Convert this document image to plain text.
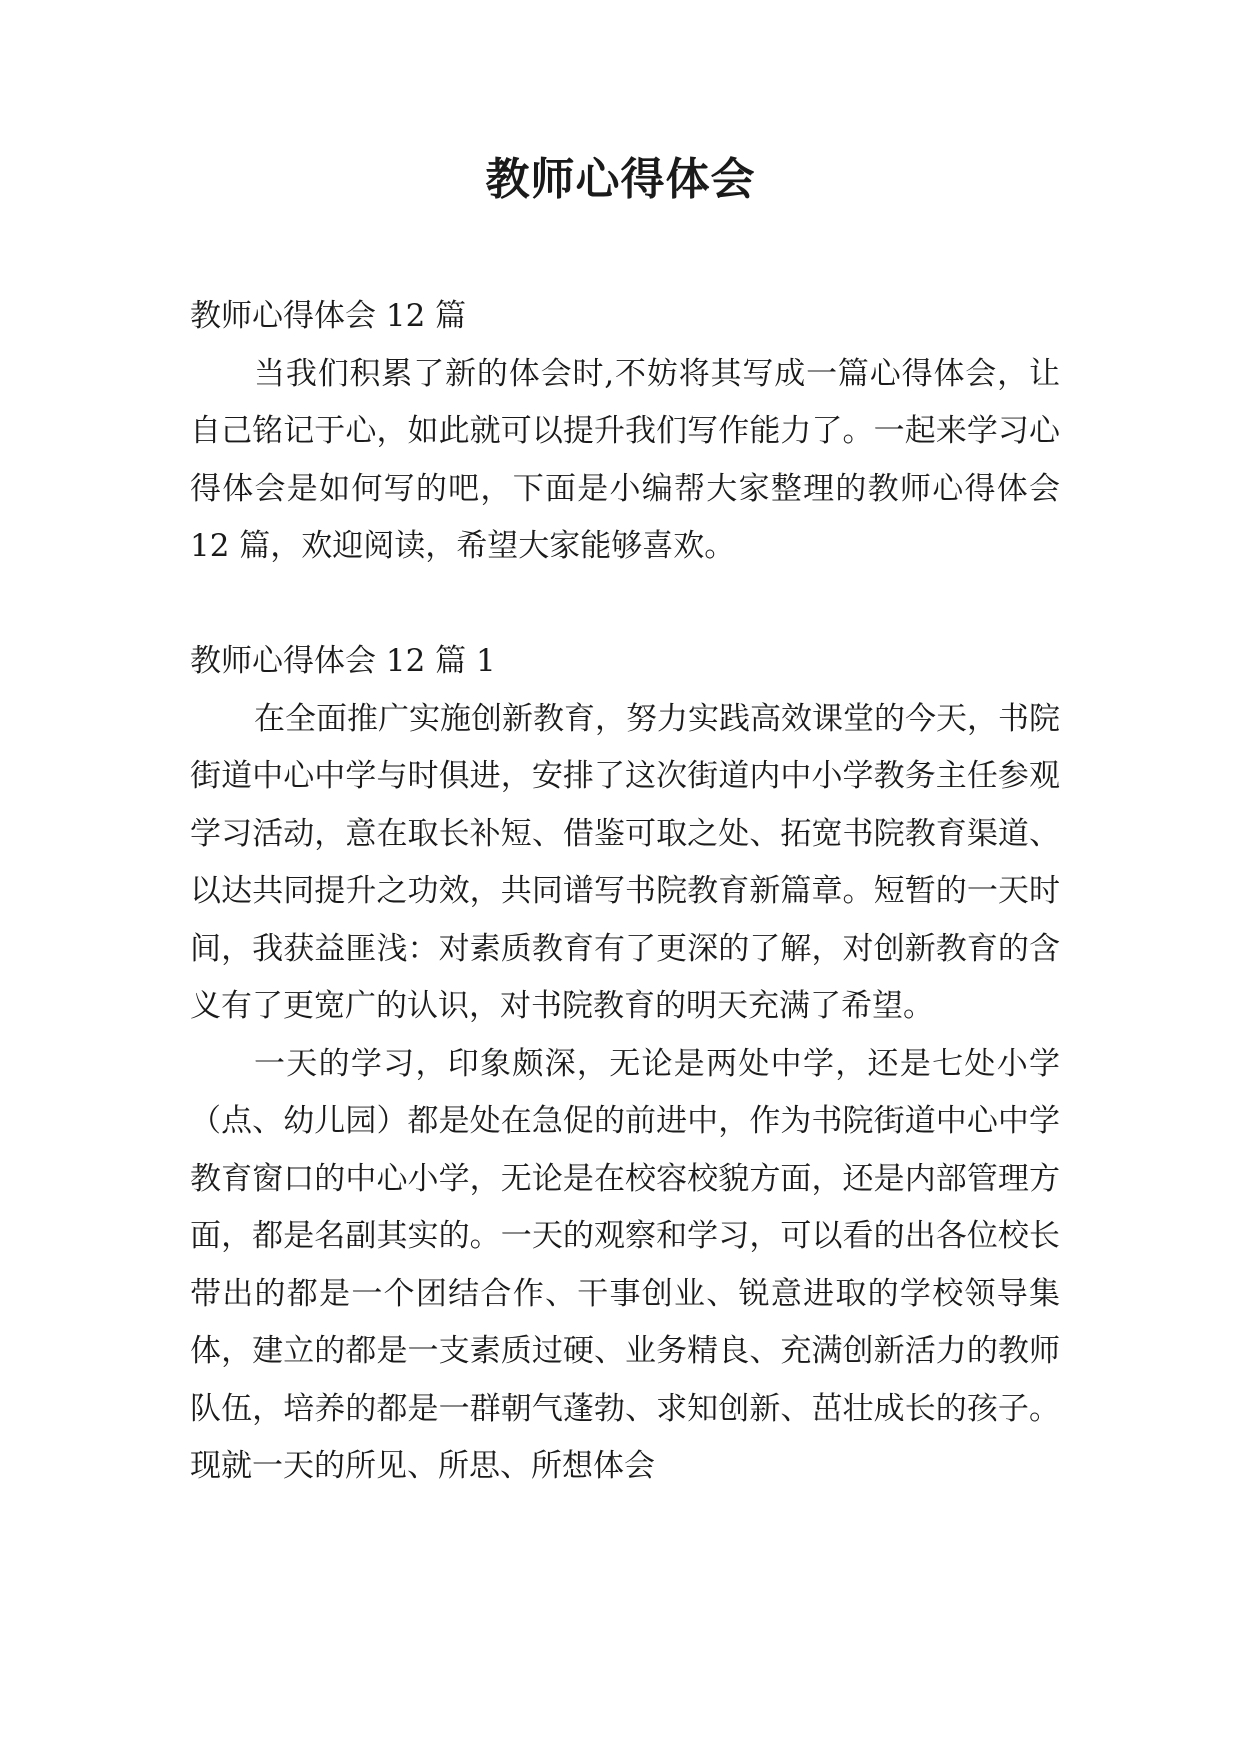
教师心得体会

教师心得体会 12 篇

当我们积累了新的体会时,不妨将其写成一篇心得体会，让自己铭记于心，如此就可以提升我们写作能力了。一起来学习心得体会是如何写的吧，下面是小编帮大家整理的教师心得体会 12 篇，欢迎阅读，希望大家能够喜欢。

教师心得体会 12 篇 1

在全面推广实施创新教育，努力实践高效课堂的今天，书院街道中心中学与时俱进，安排了这次街道内中小学教务主任参观学习活动，意在取长补短、借鉴可取之处、拓宽书院教育渠道、以达共同提升之功效，共同谱写书院教育新篇章。短暂的一天时间，我获益匪浅：对素质教育有了更深的了解，对创新教育的含义有了更宽广的认识，对书院教育的明天充满了希望。

一天的学习，印象颇深，无论是两处中学，还是七处小学（点、幼儿园）都是处在急促的前进中，作为书院街道中心中学教育窗口的中心小学，无论是在校容校貌方面，还是内部管理方面，都是名副其实的。一天的观察和学习，可以看的出各位校长带出的都是一个团结合作、干事创业、锐意进取的学校领导集体，建立的都是一支素质过硬、业务精良、充满创新活力的教师队伍，培养的都是一群朝气蓬勃、求知创新、茁壮成长的孩子。现就一天的所见、所思、所想体会
